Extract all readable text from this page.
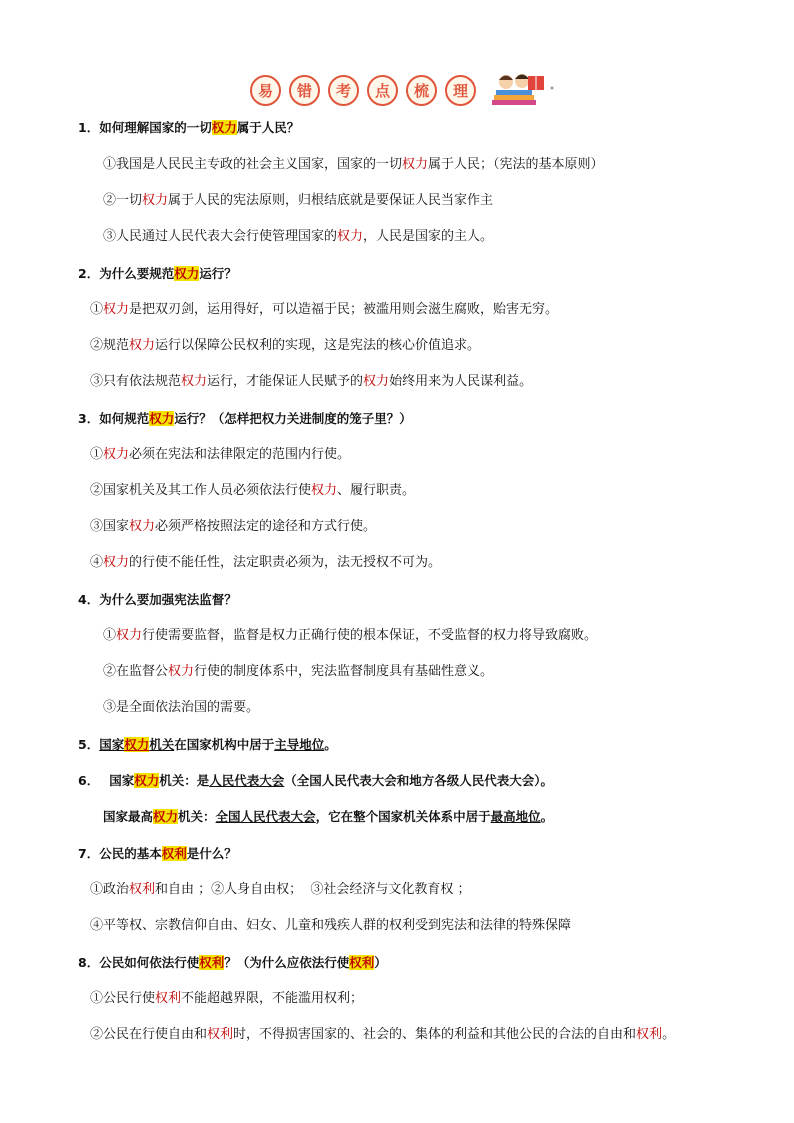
易	错	考	点	梳	理
1．如何理解国家的一切权力属于人民？
①我国是人民民主专政的社会主义国家，国家的一切权力属于人民；（宪法的基本原则）
②一切权力属于人民的宪法原则，归根结底就是要保证人民当家作主
③人民通过人民代表大会行使管理国家的权力，人民是国家的主人。
2．为什么要规范权力运行？
①权力是把双刃剑，运用得好，可以造福于民；被滥用则会滋生腐败，贻害无穷。
②规范权力运行以保障公民权利的实现，这是宪法的核心价值追求。
③只有依法规范权力运行，才能保证人民赋予的权力始终用来为人民谋利益。
3．如何规范权力运行？（怎样把权力关进制度的笼子里？）
①权力必须在宪法和法律限定的范围内行使。
②国家机关及其工作人员必须依法行使权力、履行职责。
③国家权力必须严格按照法定的途径和方式行使。
④权力的行使不能任性，法定职责必须为，法无授权不可为。
4．为什么要加强宪法监督？
①权力行使需要监督，监督是权力正确行使的根本保证，不受监督的权力将导致腐败。
②在监督公权力行使的制度体系中，宪法监督制度具有基础性意义。
③是全面依法治国的需要。
5．国家权力机关在国家机构中居于主导地位。
6． 国家权力机关：是人民代表大会（全国人民代表大会和地方各级人民代表大会）。
国家最高权力机关：全国人民代表大会，它在整个国家机关体系中居于最高地位。
7．公民的基本权利是什么？
①政治权利和自由 ；②人身自由权；  ③社会经济与文化教育权 ；
④平等权、宗教信仰自由、妇女、儿童和残疾人群的权利受到宪法和法律的特殊保障
8．公民如何依法行使权利？（为什么应依法行使权利）
①公民行使权利不能超越界限，不能滥用权利；
②公民在行使自由和权利时，不得损害国家的、社会的、集体的利益和其他公民的合法的自由和权利。
